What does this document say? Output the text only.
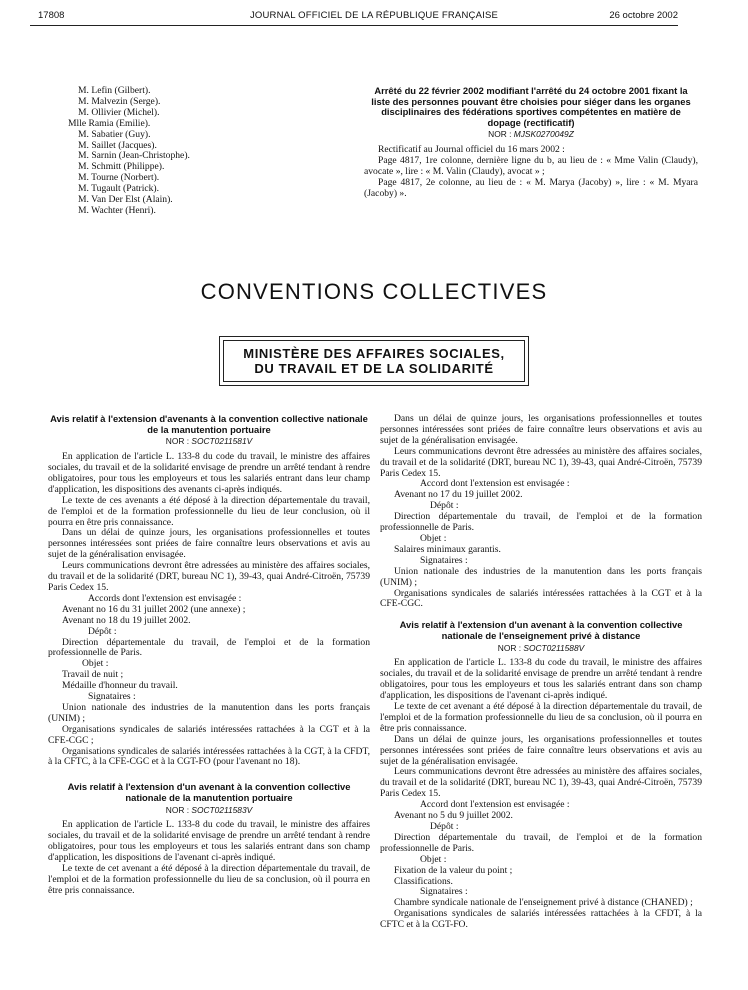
JOURNAL OFFICIEL DE LA RÉPUBLIQUE FRANÇAISE
17808	26 octobre 2002
M. Lefin (Gilbert).
M. Malvezin (Serge).
M. Ollivier (Michel).
Mlle Ramia (Emilie).
M. Sabatier (Guy).
M. Saillet (Jacques).
M. Sarnin (Jean-Christophe).
M. Schmitt (Philippe).
M. Tourne (Norbert).
M. Tugault (Patrick).
M. Van Der Elst (Alain).
M. Wachter (Henri).
Arrêté du 22 février 2002 modifiant l'arrêté du 24 octobre 2001 fixant la liste des personnes pouvant être choisies pour siéger dans les organes disciplinaires des fédérations sportives compétentes en matière de dopage (rectificatif)
NOR : MJSK0270049Z

Rectificatif au Journal officiel du 16 mars 2002 :

Page 4817, 1re colonne, dernière ligne du b, au lieu de : « Mme Valin (Claudy), avocate », lire : « M. Valin (Claudy), avocat » ;

Page 4817, 2e colonne, au lieu de : « M. Marya (Jacoby) », lire : « M. Myara (Jacoby) ».

CONVENTIONS COLLECTIVES
MINISTÈRE DES AFFAIRES SOCIALES,
DU TRAVAIL ET DE LA SOLIDARITÉ
Avis relatif à l'extension d'avenants à la convention collective nationale de la manutention portuaire
NOR : SOCT0211581V

En application de l'article L. 133-8 du code du travail, le ministre des affaires sociales, du travail et de la solidarité envisage de prendre un arrêté tendant à rendre obligatoires, pour tous les employeurs et tous les salariés entrant dans leur champ d'application, les dispositions des avenants ci-après indiqués.

Le texte de ces avenants a été déposé à la direction départementale du travail, de l'emploi et de la formation professionnelle du lieu de leur conclusion, où il pourra en être pris connaissance.

Dans un délai de quinze jours, les organisations professionnelles et toutes personnes intéressées sont priées de faire connaître leurs observations et avis au sujet de la généralisation envisagée.

Leurs communications devront être adressées au ministère des affaires sociales, du travail et de la solidarité (DRT, bureau NC 1), 39-43, quai André-Citroën, 75739 Paris Cedex 15.

Accords dont l'extension est envisagée :

Avenant no 16 du 31 juillet 2002 (une annexe) ;

Avenant no 18 du 19 juillet 2002.

Dépôt :

Direction départementale du travail, de l'emploi et de la formation professionnelle de Paris.

Objet :

Travail de nuit ;

Médaille d'honneur du travail.

Signataires :

Union nationale des industries de la manutention dans les ports français (UNIM) ;

Organisations syndicales de salariés intéressées rattachées à la CGT et à la CFE-CGC ;

Organisations syndicales de salariés intéressées rattachées à la CGT, à la CFDT, à la CFTC, à la CFE-CGC et à la CGT-FO (pour l'avenant no 18).

Avis relatif à l'extension d'un avenant à la convention collective nationale de la manutention portuaire
NOR : SOCT0211583V

En application de l'article L. 133-8 du code du travail, le ministre des affaires sociales, du travail et de la solidarité envisage de prendre un arrêté tendant à rendre obligatoires, pour tous les employeurs et tous les salariés entrant dans son champ d'application, les dispositions de l'avenant ci-après indiqué.

Le texte de cet avenant a été déposé à la direction départementale du travail, de l'emploi et de la formation professionnelle du lieu de sa conclusion, où il pourra en être pris connaissance.

Dans un délai de quinze jours, les organisations professionnelles et toutes personnes intéressées sont priées de faire connaître leurs observations et avis au sujet de la généralisation envisagée.

Leurs communications devront être adressées au ministère des affaires sociales, du travail et de la solidarité (DRT, bureau NC 1), 39-43, quai André-Citroën, 75739 Paris Cedex 15.

Accord dont l'extension est envisagée :

Avenant no 17 du 19 juillet 2002.

Dépôt :

Direction départementale du travail, de l'emploi et de la formation professionnelle de Paris.

Objet :

Salaires minimaux garantis.

Signataires :

Union nationale des industries de la manutention dans les ports français (UNIM) ;

Organisations syndicales de salariés intéressées rattachées à la CGT et à la CFE-CGC.

Avis relatif à l'extension d'un avenant à la convention collective nationale de l'enseignement privé à distance
NOR : SOCT0211588V

En application de l'article L. 133-8 du code du travail, le ministre des affaires sociales, du travail et de la solidarité envisage de prendre un arrêté tendant à rendre obligatoires, pour tous les employeurs et tous les salariés entrant dans son champ d'application, les dispositions de l'avenant ci-après indiqué.

Le texte de cet avenant a été déposé à la direction départementale du travail, de l'emploi et de la formation professionnelle du lieu de sa conclusion, où il pourra en être pris connaissance.

Dans un délai de quinze jours, les organisations professionnelles et toutes personnes intéressées sont priées de faire connaître leurs observations et avis au sujet de la généralisation envisagée.

Leurs communications devront être adressées au ministère des affaires sociales, du travail et de la solidarité (DRT, bureau NC 1), 39-43, quai André-Citroën, 75739 Paris Cedex 15.

Accord dont l'extension est envisagée :

Avenant no 5 du 9 juillet 2002.

Dépôt :

Direction départementale du travail, de l'emploi et de la formation professionnelle de Paris.

Objet :

Fixation de la valeur du point ;

Classifications.

Signataires :

Chambre syndicale nationale de l'enseignement privé à distance (CHANED) ;

Organisations syndicales de salariés intéressées rattachées à la CFDT, à la CFTC et à la CGT-FO.
